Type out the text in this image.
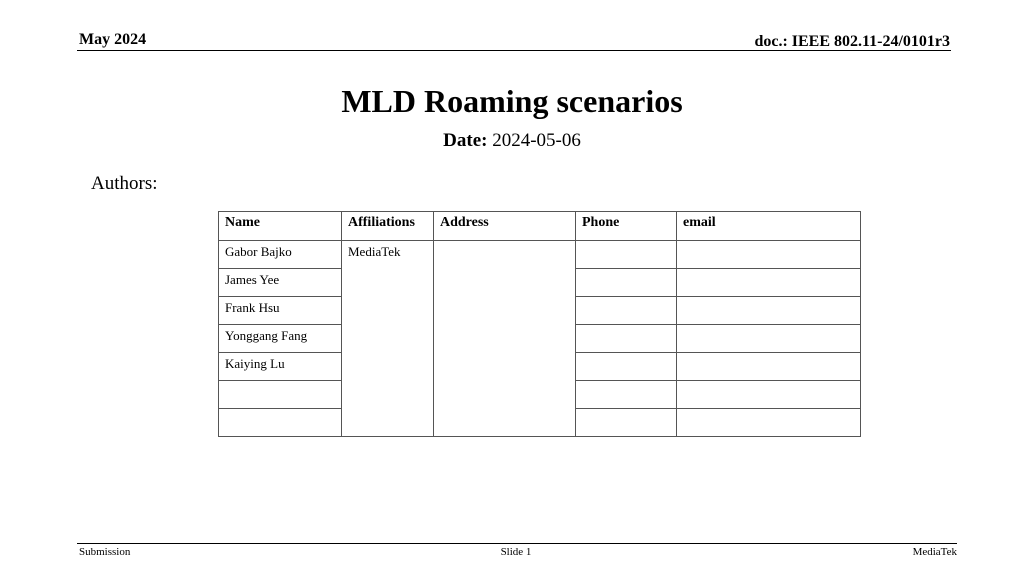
May 2024	doc.: IEEE 802.11-24/0101r3
MLD Roaming scenarios
Date: 2024-05-06
Authors:
Name	Affiliations	Address	Phone	email
Gabor Bajko	MediaTek			
James Yee				
Frank Hsu				
Yonggang Fang				
Kaiying Lu				

Submission	Slide 1	MediaTek
